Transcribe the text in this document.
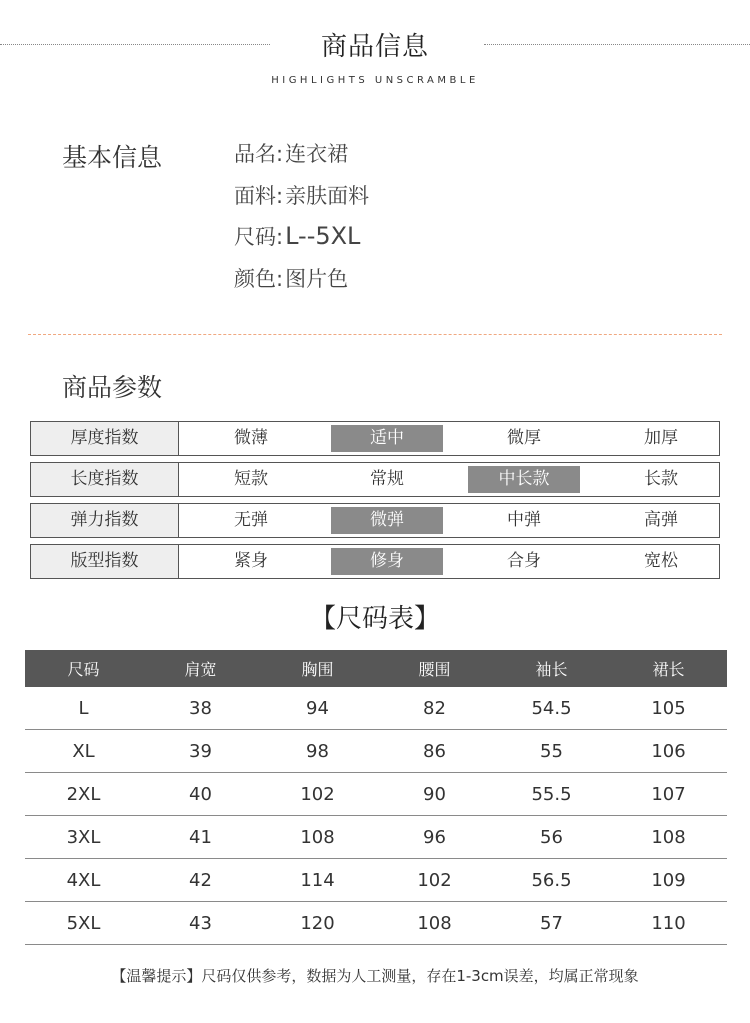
商品信息
HIGHLIGHTS UNSCRAMBLE
基本信息	品名:连衣裙
面料:亲肤面料
尺码:L--5XL
颜色:图片色
商品参数
厚度指数	微薄	适中	微厚	加厚
长度指数	短款	常规	中长款	长款
弹力指数	无弹	微弹	中弹	高弹
版型指数	紧身	修身	合身	宽松
【尺码表】
尺码	肩宽	胸围	腰围	袖长	裙长
L	38	94	82	54.5	105
XL	39	98	86	55	106
2XL	40	102	90	55.5	107
3XL	41	108	96	56	108
4XL	42	114	102	56.5	109
5XL	43	120	108	57	110
【温馨提示】尺码仅供参考，数据为人工测量，存在1-3cm误差，均属正常现象
